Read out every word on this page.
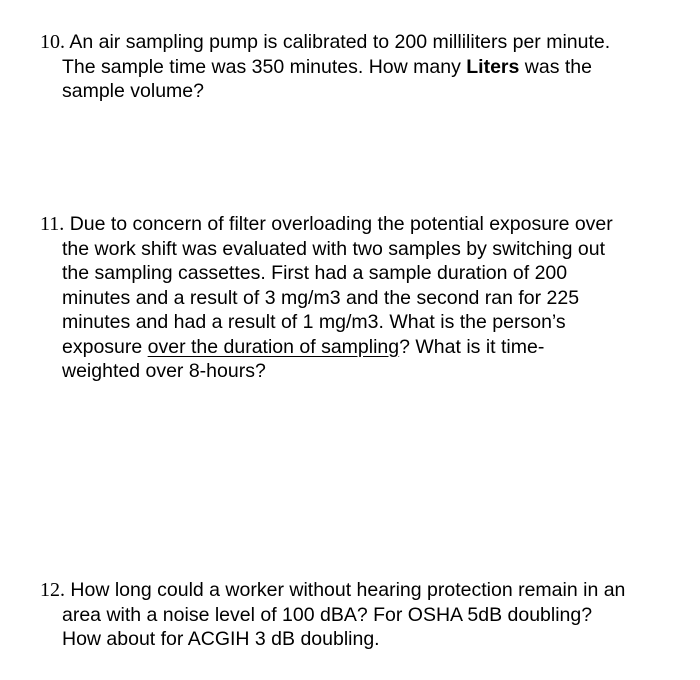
10. An air sampling pump is calibrated to 200 milliliters per minute.
The sample time was 350 minutes. How many Liters was the
sample volume?
11. Due to concern of filter overloading the potential exposure over
the work shift was evaluated with two samples by switching out
the sampling cassettes. First had a sample duration of 200
minutes and a result of 3 mg/m3 and the second ran for 225
minutes and had a result of 1 mg/m3. What is the person’s
exposure over the duration of sampling? What is it time-
weighted over 8-hours?
12. How long could a worker without hearing protection remain in an
area with a noise level of 100 dBA? For OSHA 5dB doubling?
How about for ACGIH 3 dB doubling.
